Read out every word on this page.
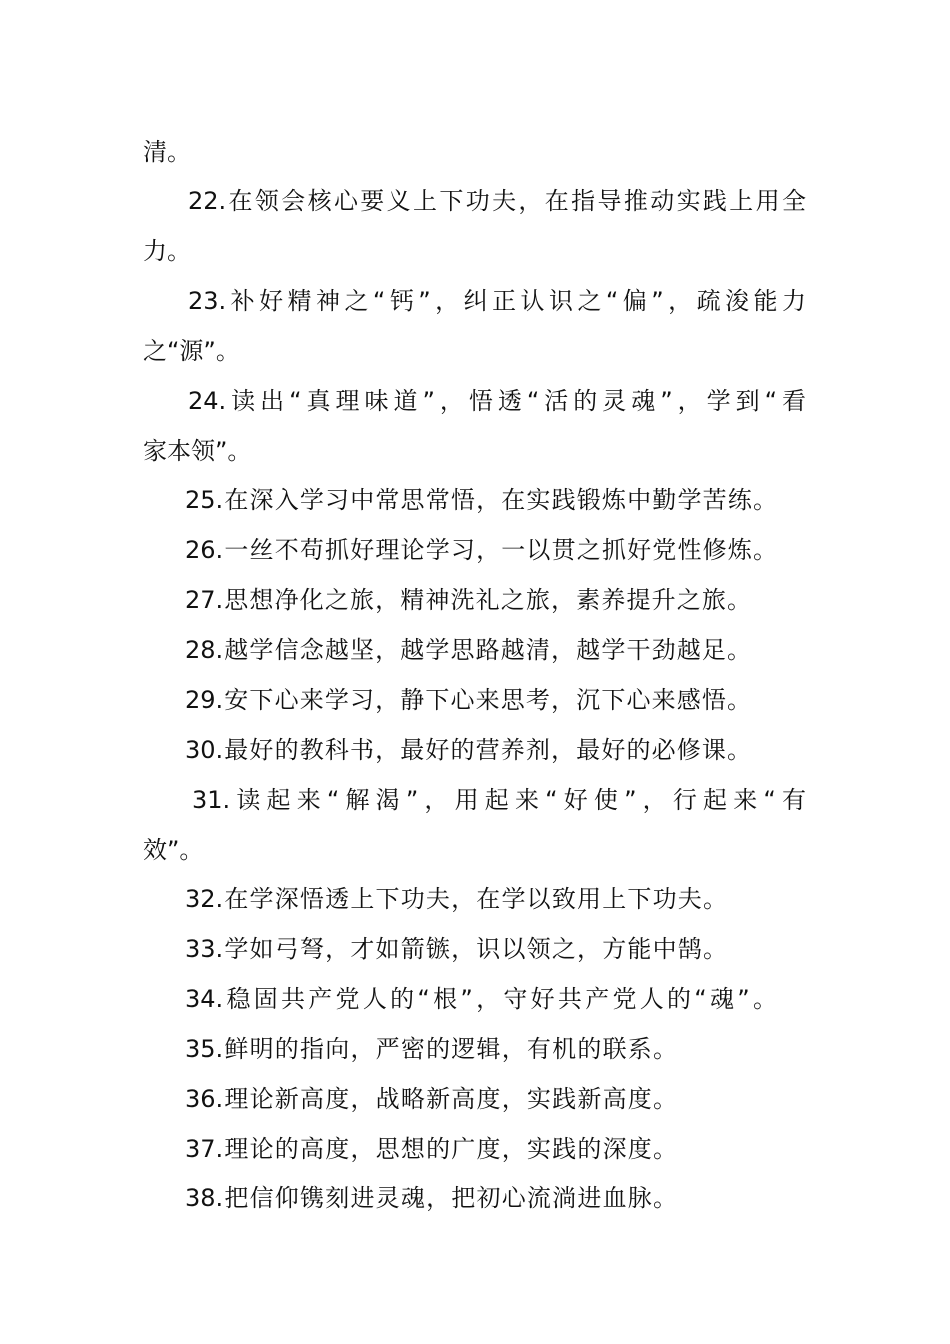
清。
22.在领会核心要义上下功夫，在指导推动实践上用全
力。
23.补好精神之“钙”，纠正认识之“偏”，疏浚能力
之“源”。
24.读出“真理味道”，悟透“活的灵魂”，学到“看
家本领”。
25.在深入学习中常思常悟，在实践锻炼中勤学苦练。
26.一丝不苟抓好理论学习，一以贯之抓好党性修炼。
27.思想净化之旅，精神洗礼之旅，素养提升之旅。
28.越学信念越坚，越学思路越清，越学干劲越足。
29.安下心来学习，静下心来思考，沉下心来感悟。
30.最好的教科书，最好的营养剂，最好的必修课。
31.读起来“解渴”，用起来“好使”，行起来“有
效”。
32.在学深悟透上下功夫，在学以致用上下功夫。
33.学如弓弩，才如箭镞，识以领之，方能中鹄。
34.稳固共产党人的“根”，守好共产党人的“魂”。
35.鲜明的指向，严密的逻辑，有机的联系。
36.理论新高度，战略新高度，实践新高度。
37.理论的高度，思想的广度，实践的深度。
38.把信仰镌刻进灵魂，把初心流淌进血脉。
